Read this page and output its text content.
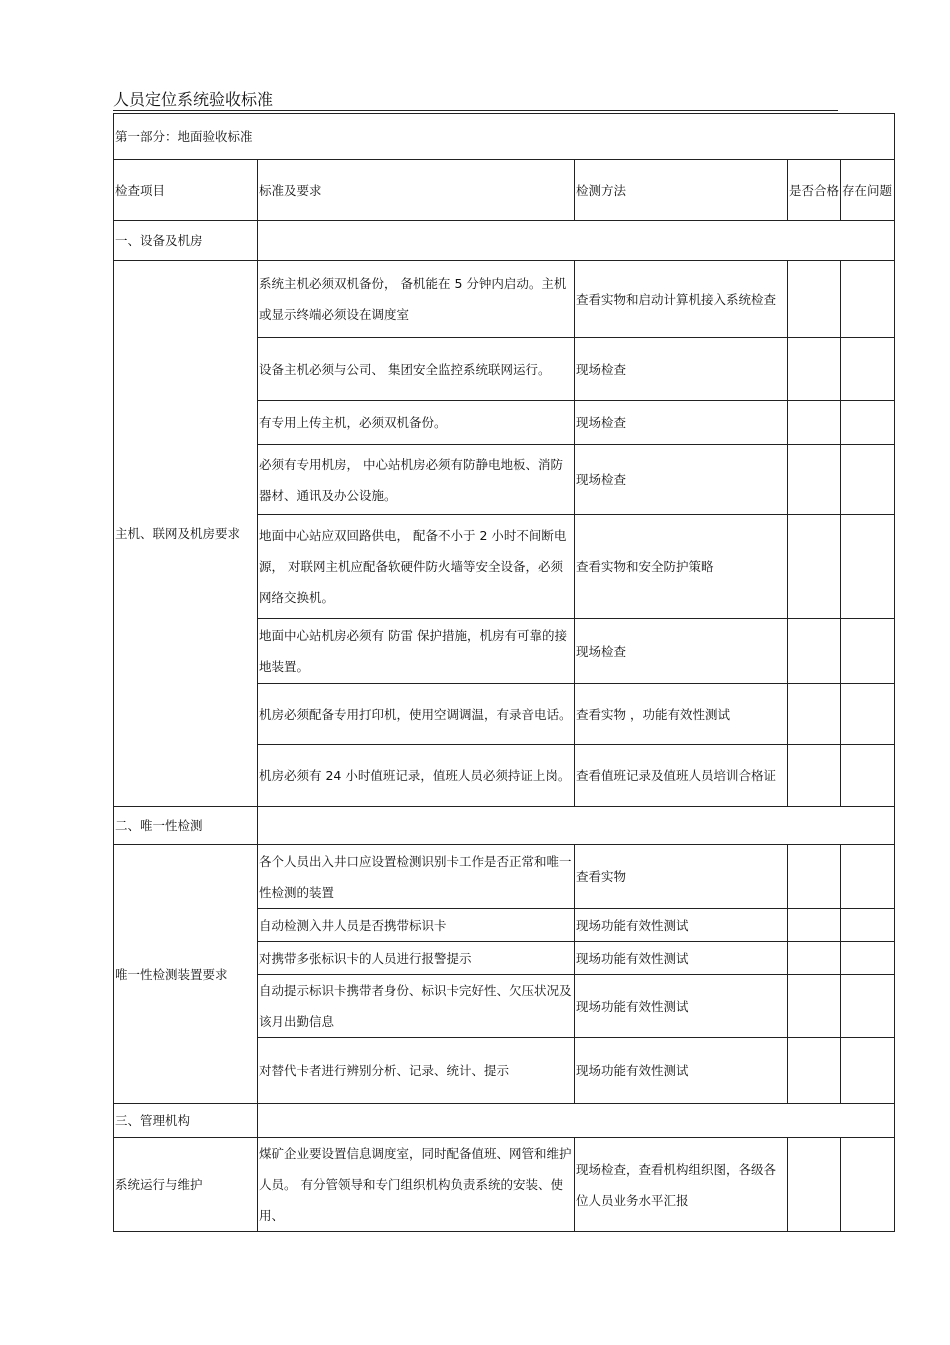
人员定位系统验收标准
第一部分：地面验收标准				
检查项目	标准及要求	检测方法	是否合格	存在问题
一、设备及机房				
主机、联网及机房要求	系统主机必须双机备份， 备机能在 5 分钟内启动。主机或显示终端必须设在调度室	查看实物和启动计算机接入系统检查		
	设备主机必须与公司、 集团安全监控系统联网运行。	现场检查		
	有专用上传主机，必须双机备份。	现场检查		
	必须有专用机房， 中心站机房必须有防静电地板、消防器材、通讯及办公设施。	现场检查		
	地面中心站应双回路供电， 配备不小于 2 小时不间断电源， 对联网主机应配备软硬件防火墙等安全设备，必须网络交换机。	查看实物和安全防护策略		
	地面中心站机房必须有 防雷 保护措施，机房有可靠的接地装置。	现场检查		
	机房必须配备专用打印机，使用空调调温，有录音电话。	查看实物 ，功能有效性测试		
	机房必须有 24 小时值班记录，值班人员必须持证上岗。	查看值班记录及值班人员培训合格证		
二、唯一性检测				
唯一性检测装置要求	各个人员出入井口应设置检测识别卡工作是否正常和唯一性检测的装置	查看实物		
	自动检测入井人员是否携带标识卡	现场功能有效性测试		
	对携带多张标识卡的人员进行报警提示	现场功能有效性测试		
	自动提示标识卡携带者身份、标识卡完好性、欠压状况及该月出勤信息	现场功能有效性测试		
	对替代卡者进行辨别分析、记录、统计、提示	现场功能有效性测试		
三、管理机构				
系统运行与维护	煤矿企业要设置信息调度室，同时配备值班、网管和维护人员。 有分管领导和专门组织机构负责系统的安装、使用、	现场检查，查看机构组织图，各级各位人员业务水平汇报		
